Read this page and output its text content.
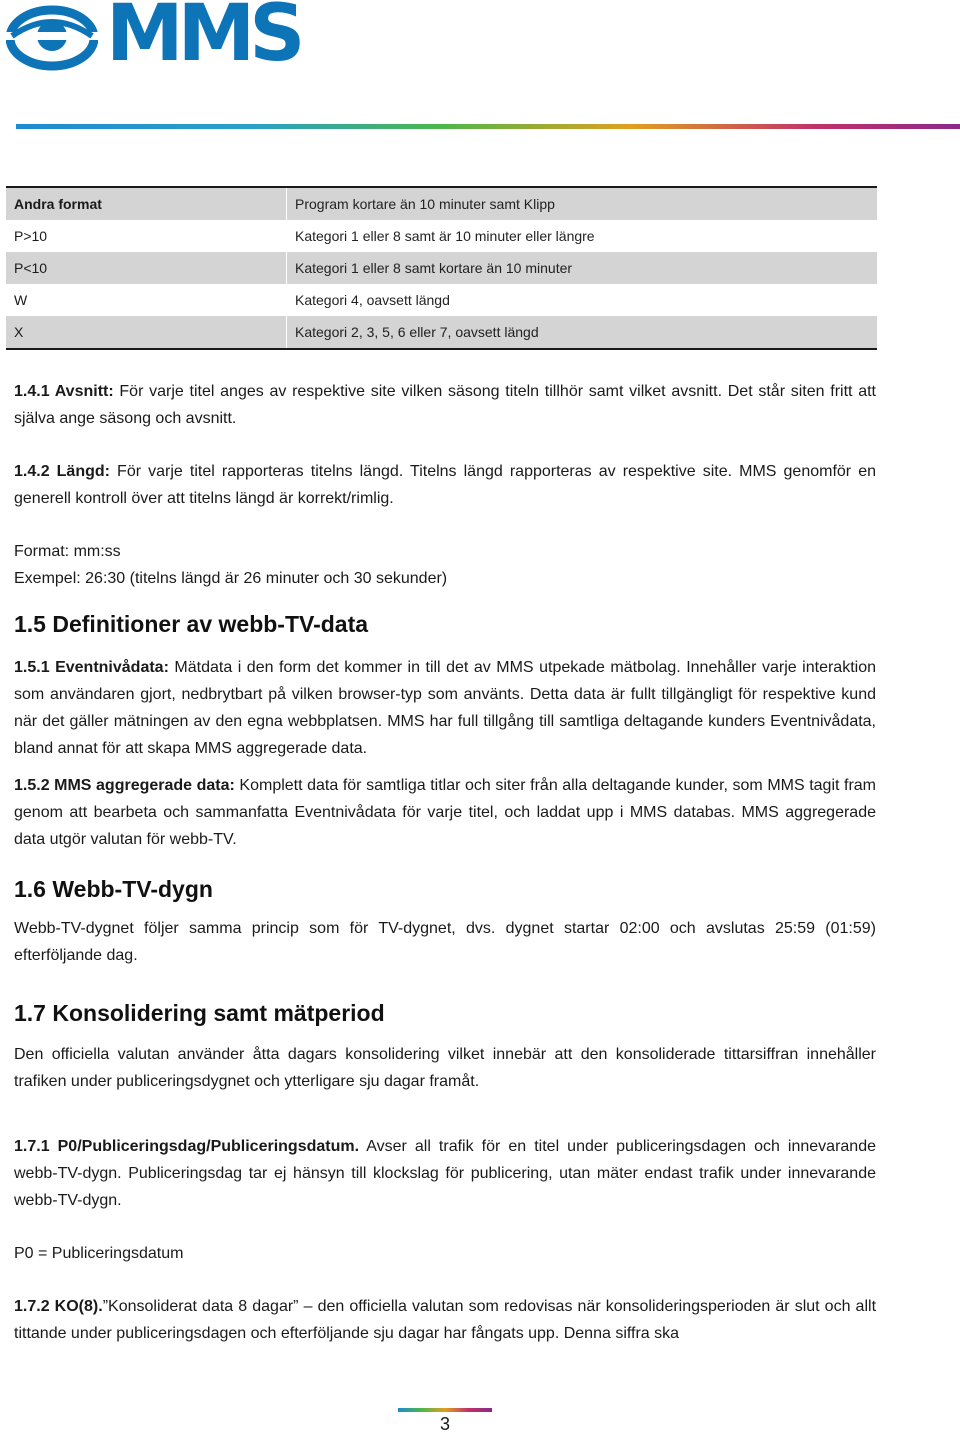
MMS
Andra format	Program kortare än 10 minuter samt Klipp
P>10	Kategori 1 eller 8 samt är 10 minuter eller längre
P<10	Kategori 1 eller 8 samt kortare än 10 minuter
W	Kategori 4, oavsett längd
X	Kategori 2, 3, 5, 6 eller 7, oavsett längd

1.4.1 Avsnitt: För varje titel anges av respektive site vilken säsong titeln tillhör samt vilket avsnitt. Det står siten fritt att själva ange säsong och avsnitt.

1.4.2 Längd: För varje titel rapporteras titelns längd. Titelns längd rapporteras av respektive site. MMS genomför en generell kontroll över att titelns längd är korrekt/rimlig.

Format: mm:ss

Exempel: 26:30 (titelns längd är 26 minuter och 30 sekunder)

1.5 Definitioner av webb-TV-data

1.5.1 Eventnivådata: Mätdata i den form det kommer in till det av MMS utpekade mätbolag. Innehåller varje interaktion som användaren gjort, nedbrytbart på vilken browser-typ som använts. Detta data är fullt tillgängligt för respektive kund när det gäller mätningen av den egna webbplatsen. MMS har full tillgång till samtliga deltagande kunders Eventnivådata, bland annat för att skapa MMS aggregerade data.

1.5.2 MMS aggregerade data: Komplett data för samtliga titlar och siter från alla deltagande kunder, som MMS tagit fram genom att bearbeta och sammanfatta Eventnivådata för varje titel, och laddat upp i MMS databas. MMS aggregerade data utgör valutan för webb-TV.

1.6 Webb-TV-dygn

Webb-TV-dygnet följer samma princip som för TV-dygnet, dvs. dygnet startar 02:00 och avslutas 25:59 (01:59) efterföljande dag.

1.7 Konsolidering samt mätperiod

Den officiella valutan använder åtta dagars konsolidering vilket innebär att den konsoliderade tittarsiffran innehåller trafiken under publiceringsdygnet och ytterligare sju dagar framåt.

1.7.1 P0/Publiceringsdag/Publiceringsdatum. Avser all trafik för en titel under publiceringsdagen och innevarande webb-TV-dygn. Publiceringsdag tar ej hänsyn till klockslag för publicering, utan mäter endast trafik under innevarande webb-TV-dygn.

P0 = Publiceringsdatum

1.7.2 KO(8).”Konsoliderat data 8 dagar” – den officiella valutan som redovisas när konsolideringsperioden är slut och allt tittande under publiceringsdagen och efterföljande sju dagar har fångats upp. Denna siffra ska

3
